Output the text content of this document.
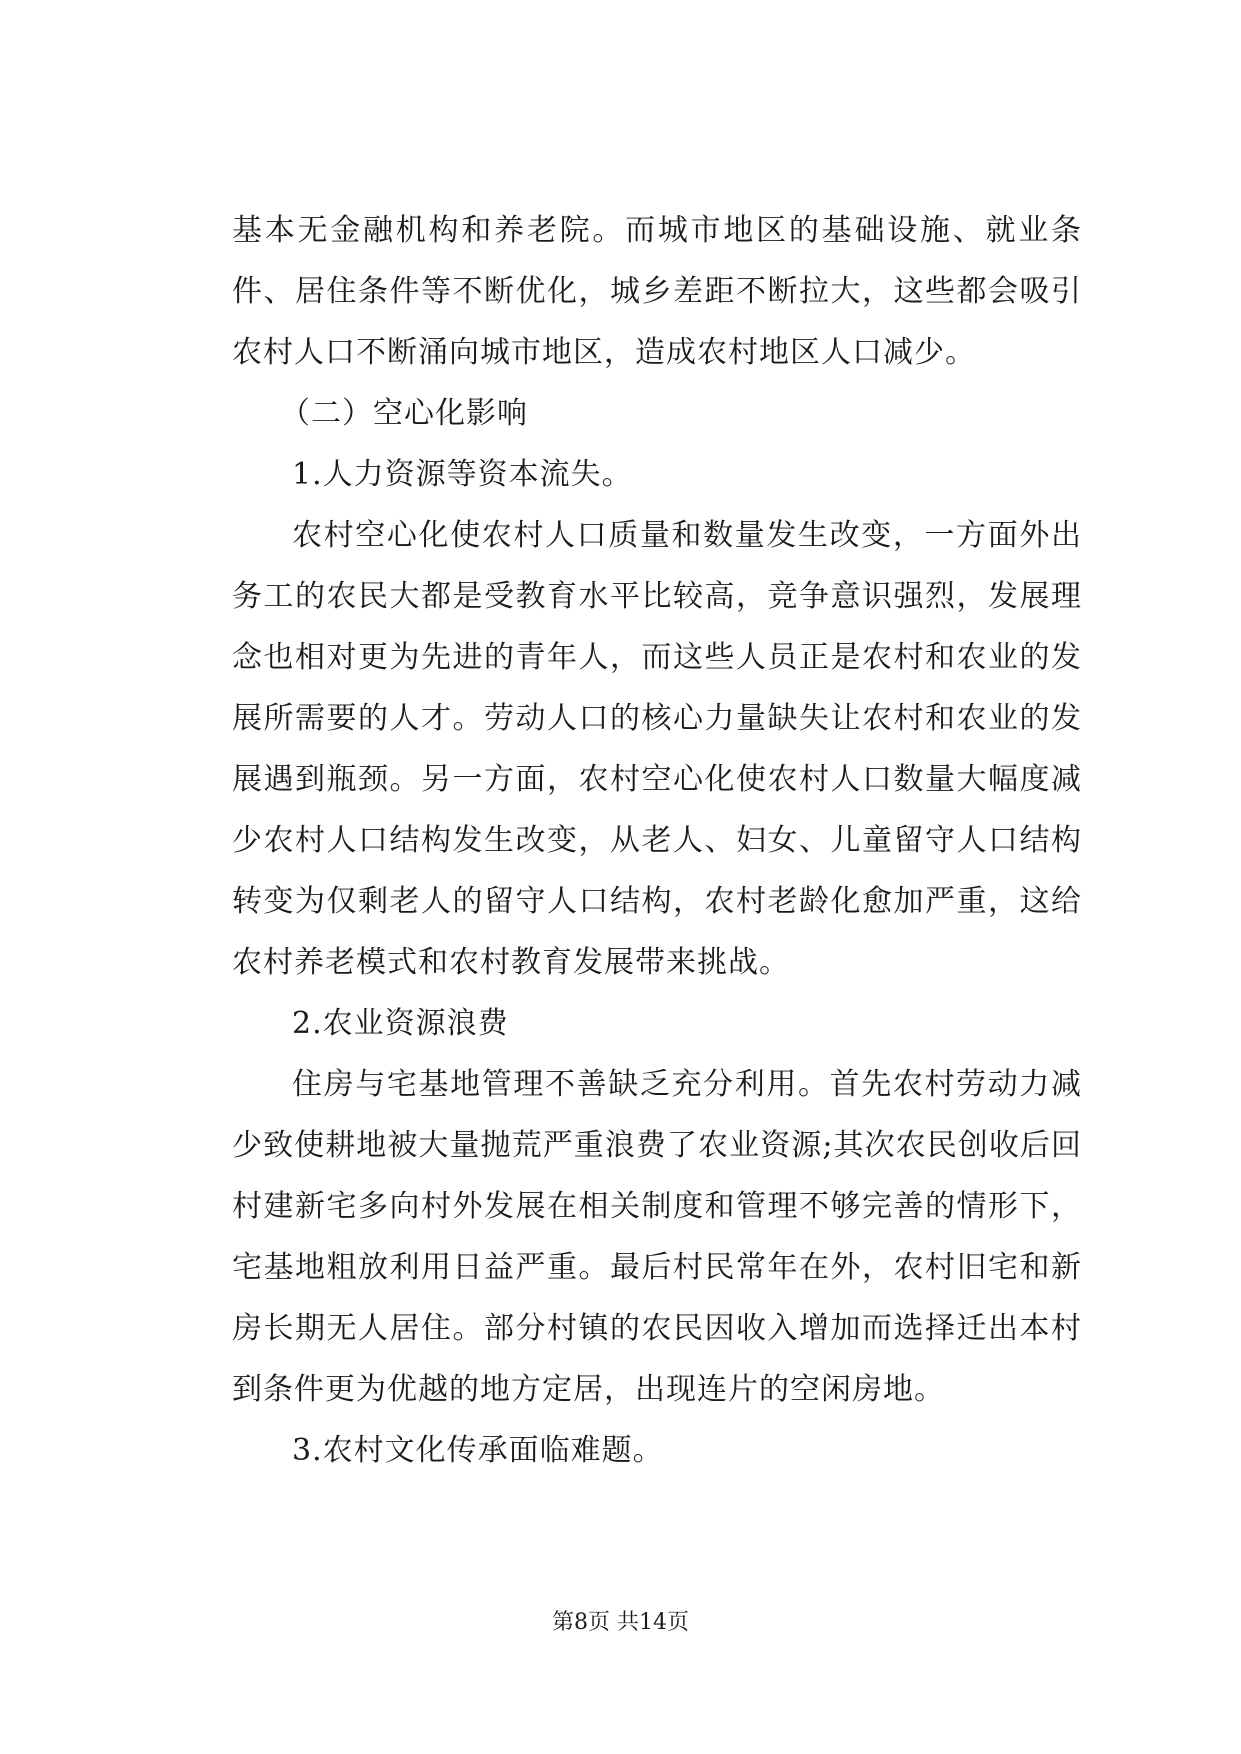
基本无金融机构和养老院。而城市地区的基础设施、就业条件、居住条件等不断优化，城乡差距不断拉大，这些都会吸引农村人口不断涌向城市地区，造成农村地区人口减少。

（二）空心化影响

1.人力资源等资本流失。

农村空心化使农村人口质量和数量发生改变，一方面外出务工的农民大都是受教育水平比较高，竞争意识强烈，发展理念也相对更为先进的青年人，而这些人员正是农村和农业的发展所需要的人才。劳动人口的核心力量缺失让农村和农业的发展遇到瓶颈。另一方面，农村空心化使农村人口数量大幅度减少农村人口结构发生改变，从老人、妇女、儿童留守人口结构转变为仅剩老人的留守人口结构，农村老龄化愈加严重，这给农村养老模式和农村教育发展带来挑战。

2.农业资源浪费

住房与宅基地管理不善缺乏充分利用。首先农村劳动力减少致使耕地被大量抛荒严重浪费了农业资源;其次农民创收后回村建新宅多向村外发展在相关制度和管理不够完善的情形下，宅基地粗放利用日益严重。最后村民常年在外，农村旧宅和新房长期无人居住。部分村镇的农民因收入增加而选择迁出本村到条件更为优越的地方定居，出现连片的空闲房地。

3.农村文化传承面临难题。

第8页 共14页
